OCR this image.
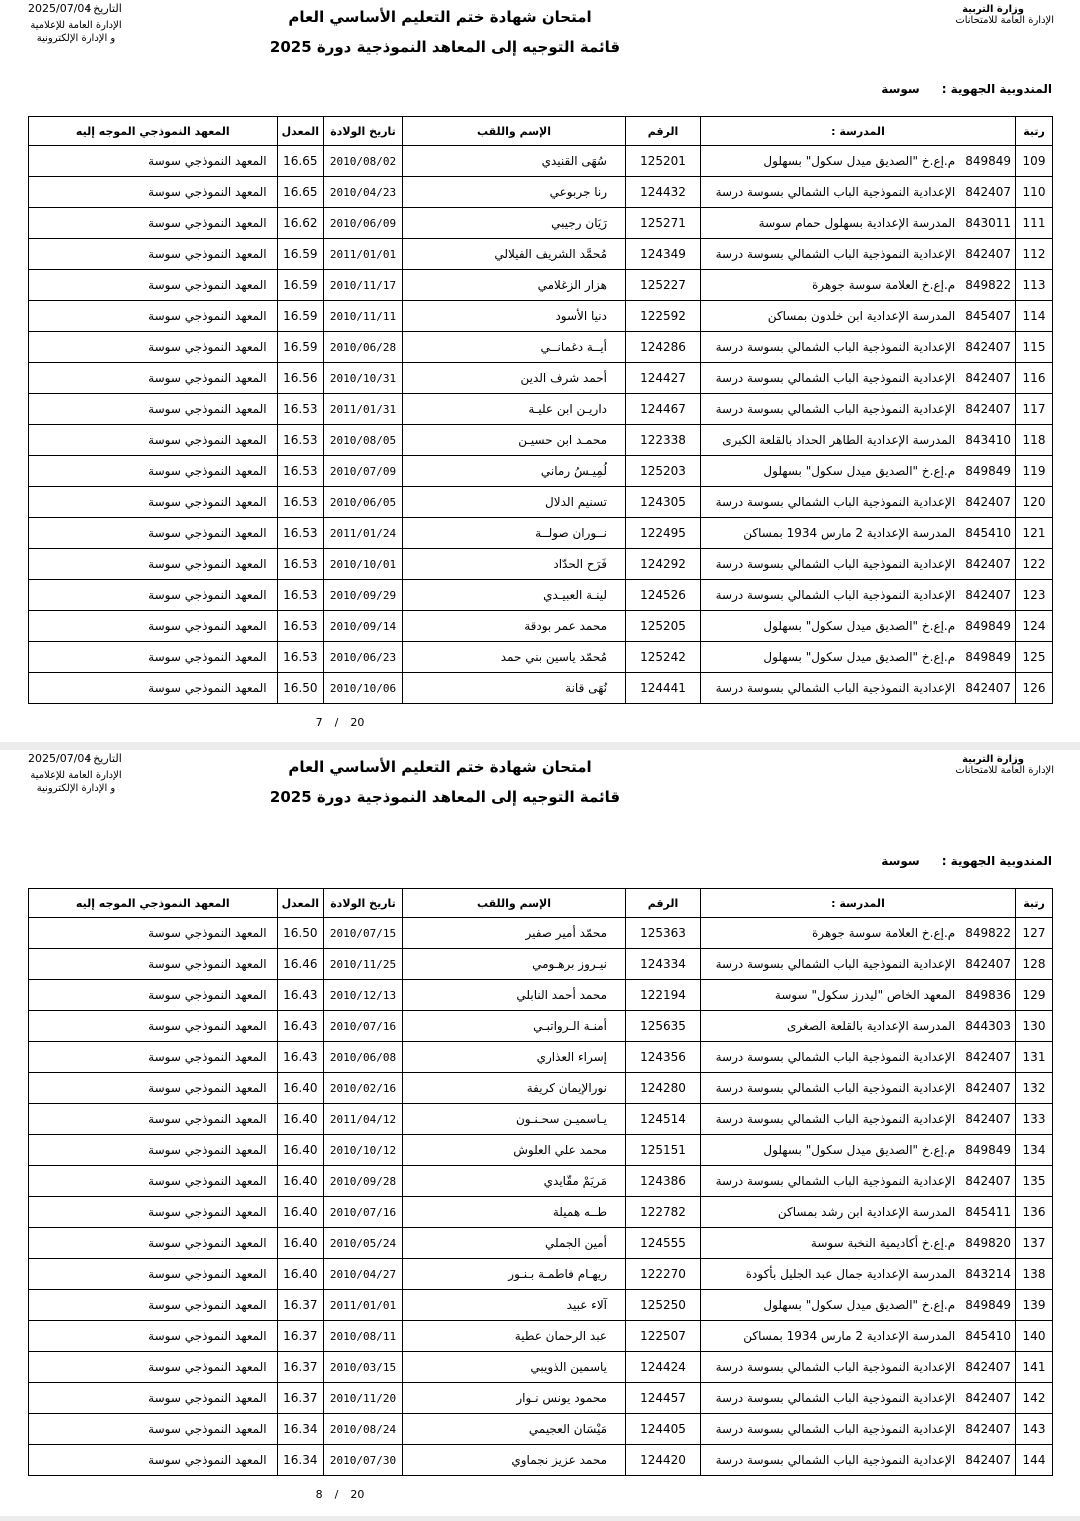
وزارة التربية
الإدارة العامة للامتحانات
التاريخ :
2025/07/04
الإدارة العامة للإعلامية
و الإدارة الإلكترونية
امتحان شهادة ختم التعليم الأساسي العام
قائمة التوجيه إلى المعاهد النموذجية دورة 2025
المندوبية الجهوية :سوسة
رتبة	المدرسة :	الرقم	الإسم واللقب	تاريخ الولادة	المعدل	المعهد النموذجي الموجه إليه
109	849849م.إع.خ "الصديق ميدل سكول" بسهلول	125201	سُهَى القنيدي	2010/08/02	16.65	المعهد النموذجي سوسة
110	842407الإعدادية النموذجية الباب الشمالي بسوسة درسة	124432	رنا جربوعي	2010/04/23	16.65	المعهد النموذجي سوسة
111	843011المدرسة الإعدادية بسهلول حمام سوسة	125271	رَيَان رجيبي	2010/06/09	16.62	المعهد النموذجي سوسة
112	842407الإعدادية النموذجية الباب الشمالي بسوسة درسة	124349	مُحمَّد الشريف الفيلالي	2011/01/01	16.59	المعهد النموذجي سوسة
113	849822م.إع.خ العلامة سوسة جوهرة	125227	هزار الزغلامي	2010/11/17	16.59	المعهد النموذجي سوسة
114	845407المدرسة الإعدادية ابن خلدون بمساكن	122592	دنيا الأسود	2010/11/11	16.59	المعهد النموذجي سوسة
115	842407الإعدادية النموذجية الباب الشمالي بسوسة درسة	124286	أيــة دغمانــي	2010/06/28	16.59	المعهد النموذجي سوسة
116	842407الإعدادية النموذجية الباب الشمالي بسوسة درسة	124427	أحمد شرف الدين	2010/10/31	16.56	المعهد النموذجي سوسة
117	842407الإعدادية النموذجية الباب الشمالي بسوسة درسة	124467	داريـن ابن عليـة	2011/01/31	16.53	المعهد النموذجي سوسة
118	843410المدرسة الإعدادية الطاهر الحداد بالقلعة الكبرى	122338	محمـد ابن حسيـن	2010/08/05	16.53	المعهد النموذجي سوسة
119	849849م.إع.خ "الصديق ميدل سكول" بسهلول	125203	لُمِيـسُ رماني	2010/07/09	16.53	المعهد النموذجي سوسة
120	842407الإعدادية النموذجية الباب الشمالي بسوسة درسة	124305	تسنيم الدلال	2010/06/05	16.53	المعهد النموذجي سوسة
121	845410المدرسة الإعدادية 2 مارس 1934 بمساكن	122495	نــوران صولــة	2011/01/24	16.53	المعهد النموذجي سوسة
122	842407الإعدادية النموذجية الباب الشمالي بسوسة درسة	124292	فَرَح الحدّاد	2010/10/01	16.53	المعهد النموذجي سوسة
123	842407الإعدادية النموذجية الباب الشمالي بسوسة درسة	124526	لينـة العبيـدي	2010/09/29	16.53	المعهد النموذجي سوسة
124	849849م.إع.خ "الصديق ميدل سكول" بسهلول	125205	محمد عمر بودقة	2010/09/14	16.53	المعهد النموذجي سوسة
125	849849م.إع.خ "الصديق ميدل سكول" بسهلول	125242	مُحمّد ياسين بني حمد	2010/06/23	16.53	المعهد النموذجي سوسة
126	842407الإعدادية النموذجية الباب الشمالي بسوسة درسة	124441	نُهَى قانة	2010/10/06	16.50	المعهد النموذجي سوسة
7 / 20
وزارة التربية
الإدارة العامة للامتحانات
التاريخ :
2025/07/04
الإدارة العامة للإعلامية
و الإدارة الإلكترونية
امتحان شهادة ختم التعليم الأساسي العام
قائمة التوجيه إلى المعاهد النموذجية دورة 2025
المندوبية الجهوية :سوسة
رتبة	المدرسة :	الرقم	الإسم واللقب	تاريخ الولادة	المعدل	المعهد النموذجي الموجه إليه
127	849822م.إع.خ العلامة سوسة جوهرة	125363	محمّد أمير صفير	2010/07/15	16.50	المعهد النموذجي سوسة
128	842407الإعدادية النموذجية الباب الشمالي بسوسة درسة	124334	نيـروز برهـومي	2010/11/25	16.46	المعهد النموذجي سوسة
129	849836المعهد الخاص "ليدرز سكول" سوسة	122194	محمد أحمد النابلي	2010/12/13	16.43	المعهد النموذجي سوسة
130	844303المدرسة الإعدادية بالقلعة الصغرى	125635	أمنـة الـرواتبـي	2010/07/16	16.43	المعهد النموذجي سوسة
131	842407الإعدادية النموذجية الباب الشمالي بسوسة درسة	124356	إسراء العذاري	2010/06/08	16.43	المعهد النموذجي سوسة
132	842407الإعدادية النموذجية الباب الشمالي بسوسة درسة	124280	نورالإيمان كريفة	2010/02/16	16.40	المعهد النموذجي سوسة
133	842407الإعدادية النموذجية الباب الشمالي بسوسة درسة	124514	يـاسميـن سحـنـون	2011/04/12	16.40	المعهد النموذجي سوسة
134	849849م.إع.خ "الصديق ميدل سكول" بسهلول	125151	محمد علي العلوش	2010/10/12	16.40	المعهد النموذجي سوسة
135	842407الإعدادية النموذجية الباب الشمالي بسوسة درسة	124386	مَريَمْ مقّايدي	2010/09/28	16.40	المعهد النموذجي سوسة
136	845411المدرسة الإعدادية ابن رشد بمساكن	122782	طــه هميلة	2010/07/16	16.40	المعهد النموذجي سوسة
137	849820م.إع.خ أكاديمية النخبة سوسة	124555	أمين الجملي	2010/05/24	16.40	المعهد النموذجي سوسة
138	843214المدرسة الإعدادية جمال عبد الجليل بأكودة	122270	ريهـام فاطمـة بـنـور	2010/04/27	16.40	المعهد النموذجي سوسة
139	849849م.إع.خ "الصديق ميدل سكول" بسهلول	125250	آلاء عبيد	2011/01/01	16.37	المعهد النموذجي سوسة
140	845410المدرسة الإعدادية 2 مارس 1934 بمساكن	122507	عبد الرحمان عطية	2010/08/11	16.37	المعهد النموذجي سوسة
141	842407الإعدادية النموذجية الباب الشمالي بسوسة درسة	124424	ياسمين الذويبي	2010/03/15	16.37	المعهد النموذجي سوسة
142	842407الإعدادية النموذجية الباب الشمالي بسوسة درسة	124457	محمود يونس نـوار	2010/11/20	16.37	المعهد النموذجي سوسة
143	842407الإعدادية النموذجية الباب الشمالي بسوسة درسة	124405	مَيْسَان العجيمي	2010/08/24	16.34	المعهد النموذجي سوسة
144	842407الإعدادية النموذجية الباب الشمالي بسوسة درسة	124420	محمد عزيز نجماوي	2010/07/30	16.34	المعهد النموذجي سوسة
8 / 20
